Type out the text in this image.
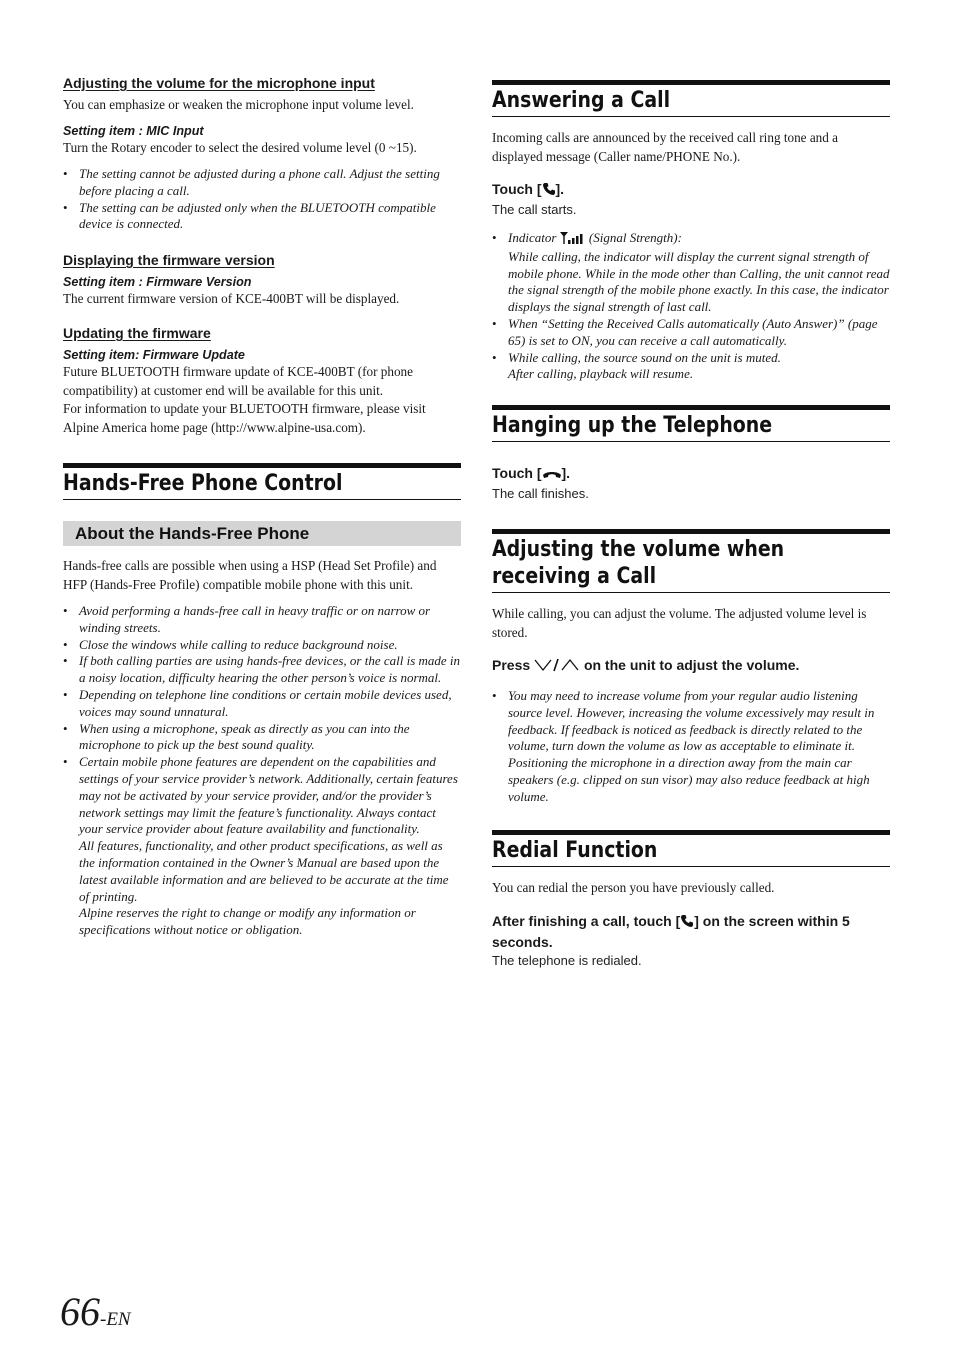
Adjusting the volume for the microphone input

You can emphasize or weaken the microphone input volume level.

Setting item : MIC Input

Turn the Rotary encoder to select the desired volume level (0 ~15).

• The setting cannot be adjusted during a phone call. Adjust the setting before placing a call.
• The setting can be adjusted only when the BLUETOOTH compatible device is connected.

Displaying the firmware version

Setting item : Firmware Version

The current firmware version of KCE-400BT will be displayed.

Updating the firmware

Setting item: Firmware Update

Future BLUETOOTH firmware update of KCE-400BT (for phone compatibility) at customer end will be available for this unit.

For information to update your BLUETOOTH firmware, please visit Alpine America home page (http://www.alpine-usa.com).

Hands-Free Phone Control
About the Hands-Free Phone

Hands-free calls are possible when using a HSP (Head Set Profile) and HFP (Hands-Free Profile) compatible mobile phone with this unit.

• Avoid performing a hands-free call in heavy traffic or on narrow or winding streets.
• Close the windows while calling to reduce background noise.
• If both calling parties are using hands-free devices, or the call is made in a noisy location, difficulty hearing the other person’s voice is normal.
• Depending on telephone line conditions or certain mobile devices used, voices may sound unnatural.
• When using a microphone, speak as directly as you can into the microphone to pick up the best sound quality.
• Certain mobile phone features are dependent on the capabilities and settings of your service provider’s network. Additionally, certain features may not be activated by your service provider, and/or the provider’s network settings may limit the feature’s functionality. Always contact your service provider about feature availability and functionality.
All features, functionality, and other product specifications, as well as the information contained in the Owner’s Manual are based upon the latest available information and are believed to be accurate at the time of printing.
Alpine reserves the right to change or modify any information or specifications without notice or obligation.
Answering a Call

Incoming calls are announced by the received call ring tone and a displayed message (Caller name/PHONE No.).

Touch [ ].

The call starts.

• Indicator	(Signal Strength):
While calling, the indicator will display the current signal strength of mobile phone. While in the mode other than Calling, the unit cannot read the signal strength of the mobile phone exactly. In this case, the indicator displays the signal strength of last call.
• When “Setting the Received Calls automatically (Auto Answer)” (page 65) is set to ON, you can receive a call automatically.
• While calling, the source sound on the unit is muted.
After calling, playback will resume.
Hanging up the Telephone

Touch [ ].

The call finishes.

Adjusting the volume when receiving a Call

While calling, you can adjust the volume. The adjusted volume level is stored.

Press	on the unit to adjust the volume.

• You may need to increase volume from your regular audio listening source level. However, increasing the volume excessively may result in feedback. If feedback is noticed as feedback is directly related to the volume, turn down the volume as low as acceptable to eliminate it. Positioning the microphone in a direction away from the main car speakers (e.g. clipped on sun visor) may also reduce feedback at high volume.
Redial Function

You can redial the person you have previously called.

After finishing a call, touch [ ] on the screen within 5 seconds.

The telephone is redialed.

66-EN
